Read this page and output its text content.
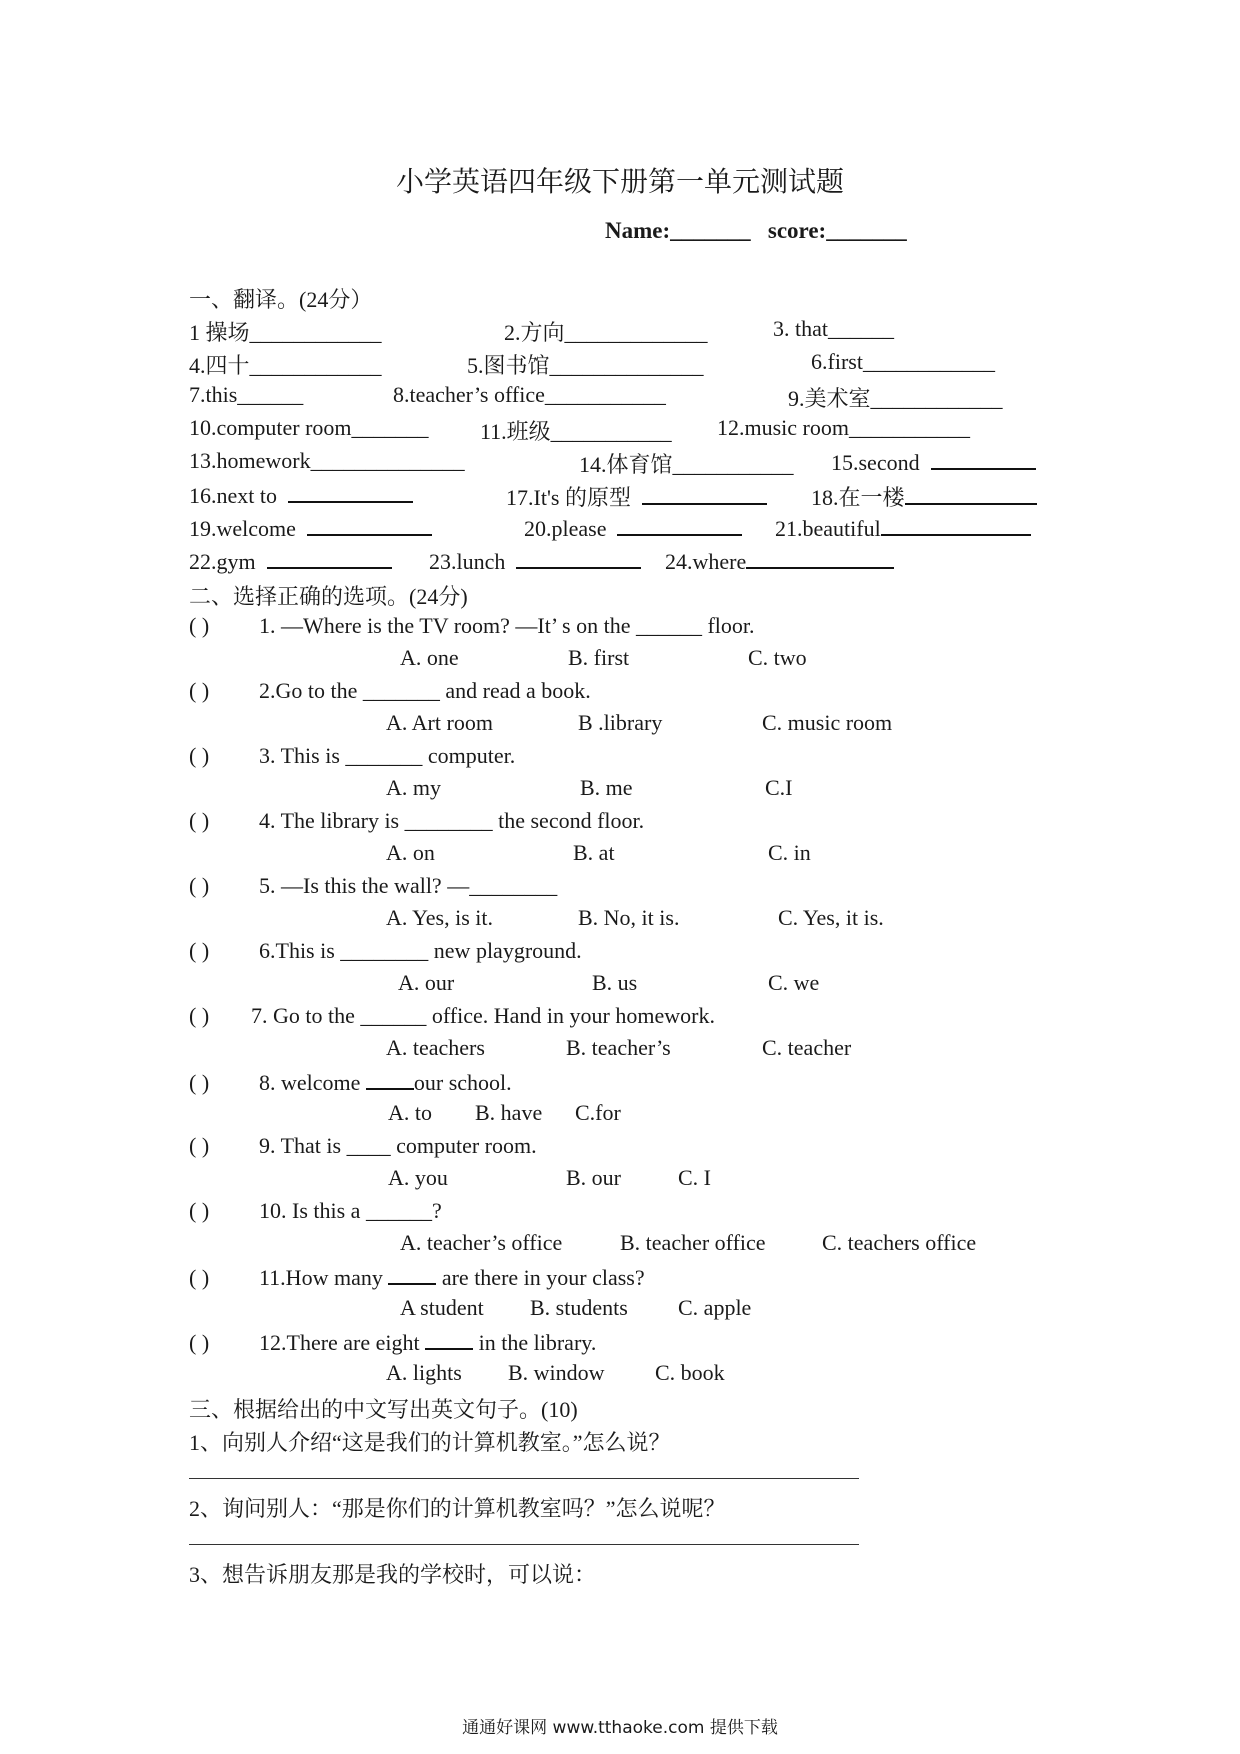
小学英语四年级下册第一单元测试题
Name:_______ score:_______
一、翻译。(24分）
1 操场____________	2.方向_____________	3. that______
4.四十____________	5.图书馆______________	6.first____________
7.this______	8.teacher’s office___________	9.美术室____________
10.computer room_______ 11.班级___________ 12.music room___________
13.homework______________	14.体育馆___________ 15.second
16.next to	17.It's 的原型	18.在一楼
19.welcome	20.please	21.beautiful
22.gym	23.lunch	24.where
二、选择正确的选项。(24分)
( ) 1. —Where is the TV room? —It’ s on the ______ floor.
A. one	B. first	C. two
( ) 2.Go to the _______ and read a book.
A. Art room	B .library	C. music room
( ) 3. This is _______ computer.
A. my	B. me	C.I
( ) 4. The library is ________ the second floor.
A. on	B. at	C. in
( ) 5. —Is this the wall? —________
A. Yes, is it.	B. No, it is.	C. Yes, it is.
( ) 6.This is ________ new playground.
A. our	B. us	C. we
( ) 7. Go to the ______ office. Hand in your homework.
A. teachers	B. teacher’s	C. teacher
( ) 8. welcome our school.
A. to B. have C.for
( ) 9. That is ____ computer room.
A. you	B. our	C. I
( ) 10. Is this a ______?
A. teacher’s office	B. teacher office	C. teachers office
( ) 11.How many  are there in your class?
A student B. students C. apple
( ) 12.There are eight  in the library.
A. lights B. window C. book
三、根据给出的中文写出英文句子。(10)
1、向别人介绍“这是我们的计算机教室。”怎么说？
2、询问别人：“那是你们的计算机教室吗？”怎么说呢？
3、想告诉朋友那是我的学校时，可以说：
通通好课网 www.tthaoke.com 提供下载
